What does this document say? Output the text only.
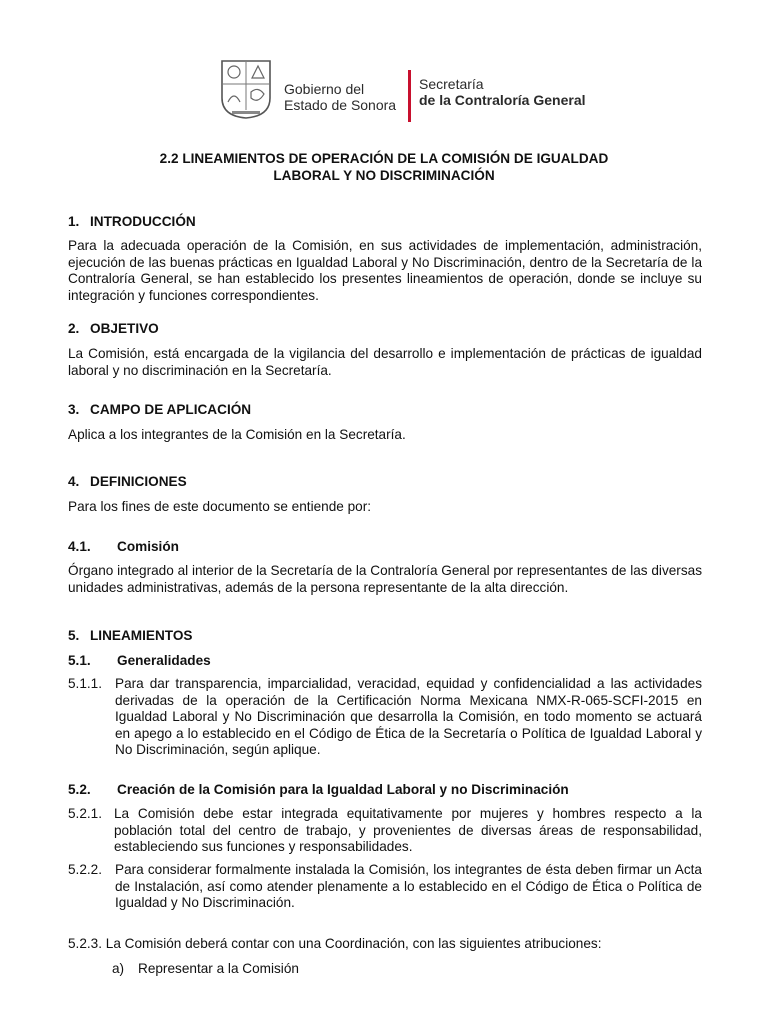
Gobierno del
Estado de Sonora
Secretaría
de la Contraloría General
2.2 LINEAMIENTOS DE OPERACIÓN DE LA COMISIÓN DE IGUALDAD
LABORAL Y NO DISCRIMINACIÓN
1. INTRODUCCIÓN
Para la adecuada operación de la Comisión, en sus actividades de implementación, administración, ejecución de las buenas prácticas en Igualdad Laboral y No Discriminación, dentro de la Secretaría de la Contraloría General, se han establecido los presentes lineamientos de operación, donde se incluye su integración y funciones correspondientes.
2. OBJETIVO
La Comisión, está encargada de la vigilancia del desarrollo e implementación de prácticas de igualdad laboral y no discriminación en la Secretaría.
3. CAMPO DE APLICACIÓN
Aplica a los integrantes de la Comisión en la Secretaría.
4. DEFINICIONES
Para los fines de este documento se entiende por:
4.1. Comisión
Órgano integrado al interior de la Secretaría de la Contraloría General por representantes de las diversas unidades administrativas, además de la persona representante de la alta dirección.
5. LINEAMIENTOS
5.1. Generalidades
5.1.1. Para dar transparencia, imparcialidad, veracidad, equidad y confidencialidad a las actividades derivadas de la operación de la Certificación Norma Mexicana NMX-R-065-SCFI-2015 en Igualdad Laboral y No Discriminación que desarrolla la Comisión, en todo momento se actuará en apego a lo establecido en el Código de Ética de la Secretaría o Política de Igualdad Laboral y No Discriminación, según aplique.
5.2. Creación de la Comisión para la Igualdad Laboral y no Discriminación
5.2.1. La Comisión debe estar integrada equitativamente por mujeres y hombres respecto a la población total del centro de trabajo, y provenientes de diversas áreas de responsabilidad, estableciendo sus funciones y responsabilidades.
5.2.2. Para considerar formalmente instalada la Comisión, los integrantes de ésta deben firmar un Acta de Instalación, así como atender plenamente a lo establecido en el Código de Ética o Política de Igualdad y No Discriminación.
5.2.3. La Comisión deberá contar con una Coordinación, con las siguientes atribuciones:
a) Representar a la Comisión
